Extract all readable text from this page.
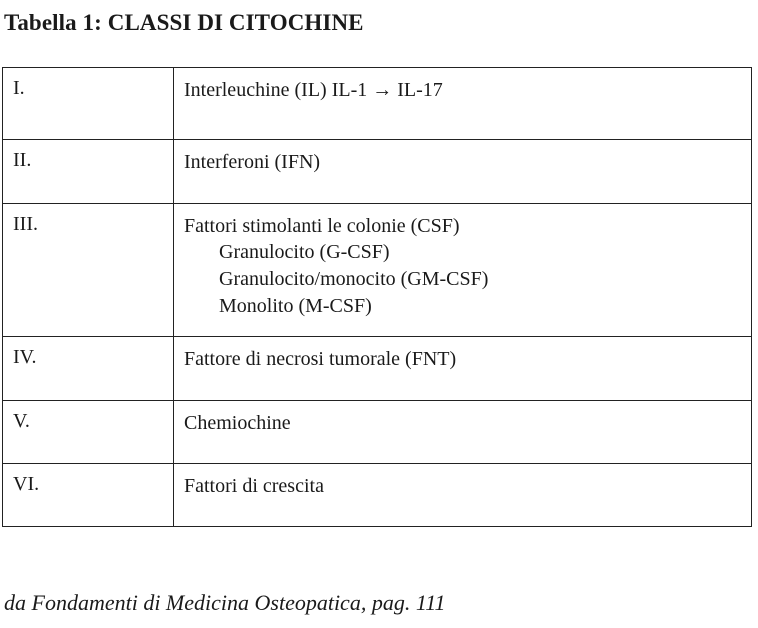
Tabella 1: CLASSI DI CITOCHINE
I.	Interleuchine (IL) IL-1 → IL-17

II.	Interferoni (IFN)

III.	Fattori stimolanti le colonie (CSF)
Granulocito (G-CSF)
Granulocito/monocito (GM-CSF)
Monolito (M-CSF)

IV.	Fattore di necrosi tumorale (FNT)

V.	Chemiochine

VI.	Fattori di crescita
da Fondamenti di Medicina Osteopatica, pag. 111
